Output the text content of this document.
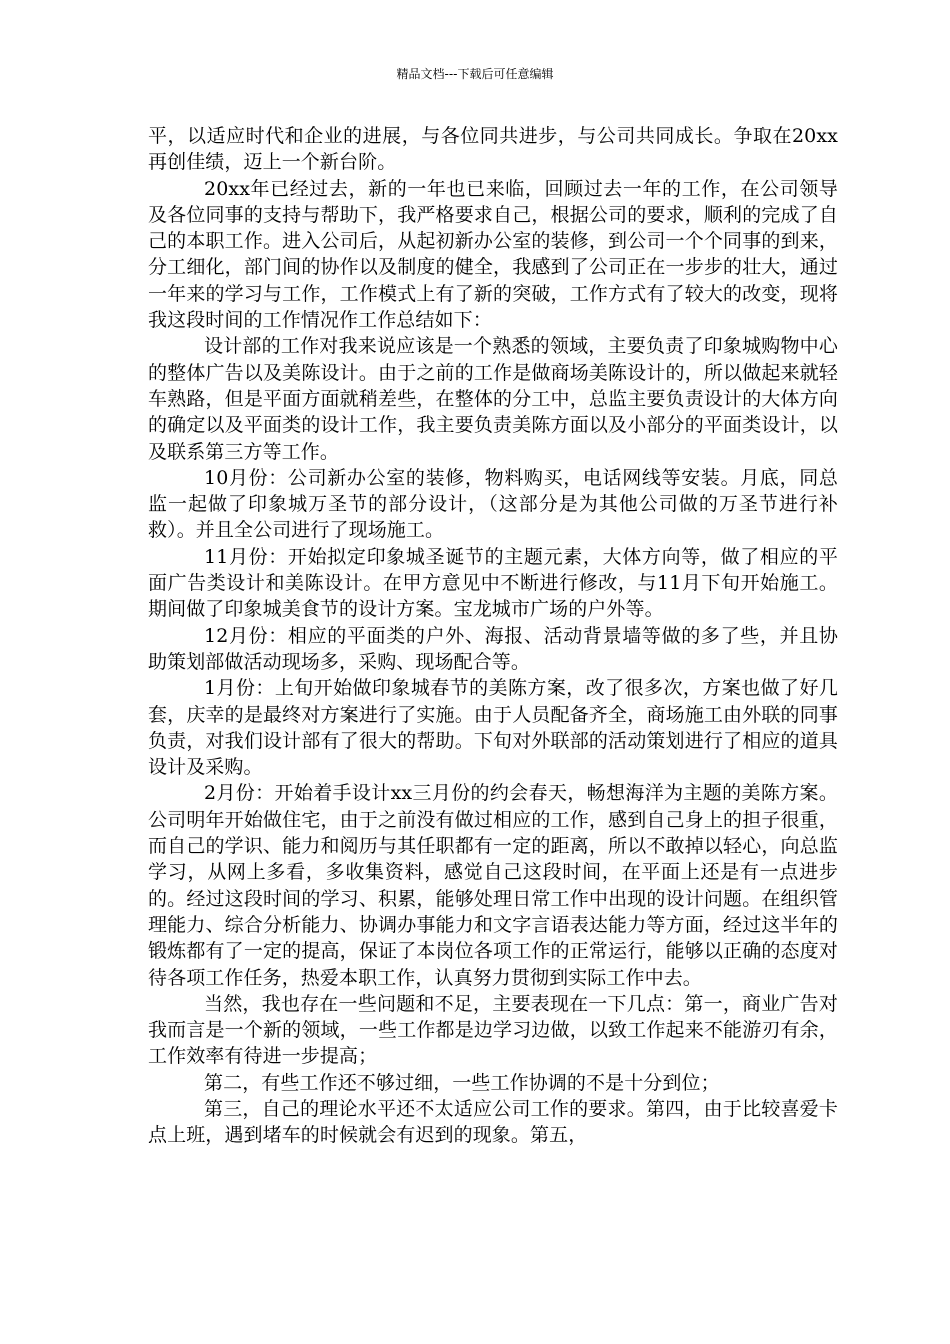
精品文档---下载后可任意编辑

平，以适应时代和企业的进展，与各位同共进步，与公司共同成长。争取在20xx再创佳绩，迈上一个新台阶。

20xx年已经过去，新的一年也已来临，回顾过去一年的工作，在公司领导及各位同事的支持与帮助下，我严格要求自己，根据公司的要求，顺利的完成了自己的本职工作。进入公司后，从起初新办公室的装修，到公司一个个同事的到来，分工细化，部门间的协作以及制度的健全，我感到了公司正在一步步的壮大，通过一年来的学习与工作，工作模式上有了新的突破，工作方式有了较大的改变，现将我这段时间的工作情况作工作总结如下：

设计部的工作对我来说应该是一个熟悉的领域，主要负责了印象城购物中心的整体广告以及美陈设计。由于之前的工作是做商场美陈设计的，所以做起来就轻车熟路，但是平面方面就稍差些，在整体的分工中，总监主要负责设计的大体方向的确定以及平面类的设计工作，我主要负责美陈方面以及小部分的平面类设计，以及联系第三方等工作。

10月份：公司新办公室的装修，物料购买，电话网线等安装。月底，同总监一起做了印象城万圣节的部分设计，（这部分是为其他公司做的万圣节进行补救）。并且全公司进行了现场施工。

11月份：开始拟定印象城圣诞节的主题元素，大体方向等，做了相应的平面广告类设计和美陈设计。在甲方意见中不断进行修改，与11月下旬开始施工。期间做了印象城美食节的设计方案。宝龙城市广场的户外等。

12月份：相应的平面类的户外、海报、活动背景墙等做的多了些，并且协助策划部做活动现场多，采购、现场配合等。

1月份：上旬开始做印象城春节的美陈方案，改了很多次，方案也做了好几套，庆幸的是最终对方案进行了实施。由于人员配备齐全，商场施工由外联的同事负责，对我们设计部有了很大的帮助。下旬对外联部的活动策划进行了相应的道具设计及采购。

2月份：开始着手设计xx三月份的约会春天，畅想海洋为主题的美陈方案。公司明年开始做住宅，由于之前没有做过相应的工作，感到自己身上的担子很重，而自己的学识、能力和阅历与其任职都有一定的距离，所以不敢掉以轻心，向总监学习，从网上多看，多收集资料，感觉自己这段时间，在平面上还是有一点进步的。经过这段时间的学习、积累，能够处理日常工作中出现的设计问题。在组织管理能力、综合分析能力、协调办事能力和文字言语表达能力等方面，经过这半年的锻炼都有了一定的提高，保证了本岗位各项工作的正常运行，能够以正确的态度对待各项工作任务，热爱本职工作，认真努力贯彻到实际工作中去。

当然，我也存在一些问题和不足，主要表现在一下几点：第一，商业广告对我而言是一个新的领域，一些工作都是边学习边做，以致工作起来不能游刃有余，工作效率有待进一步提高；

第二，有些工作还不够过细，一些工作协调的不是十分到位；

第三，自己的理论水平还不太适应公司工作的要求。第四，由于比较喜爱卡点上班，遇到堵车的时候就会有迟到的现象。第五，
